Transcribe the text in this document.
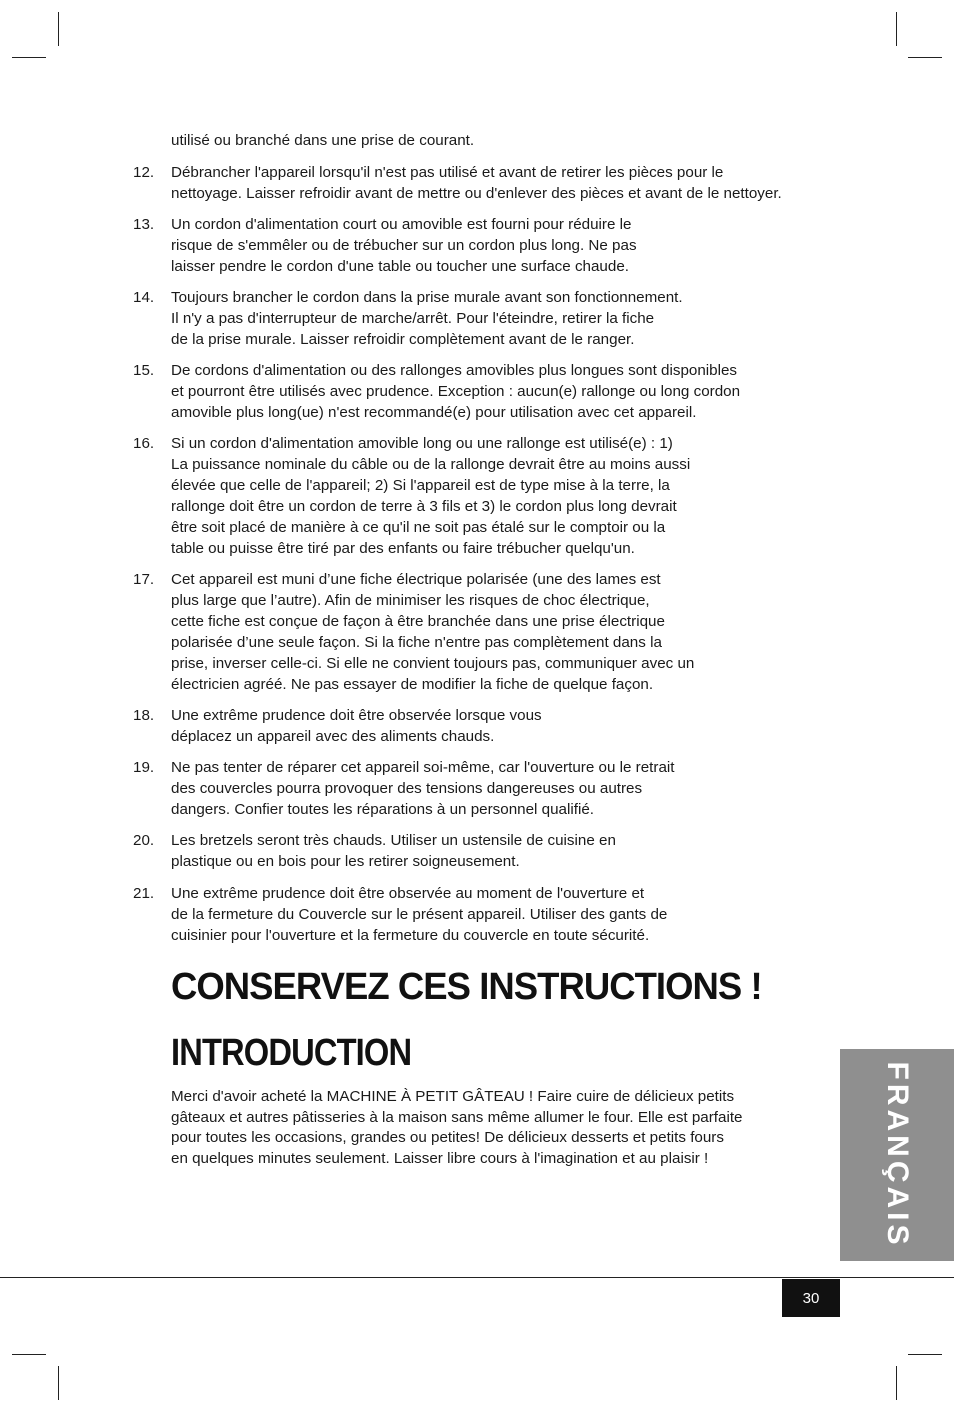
utilisé ou branché dans une prise de courant.

12.	Débrancher l'appareil lorsqu'il n'est pas utilisé et avant de retirer les pièces pour le
nettoyage. Laisser refroidir avant de mettre ou d'enlever des pièces et avant de le nettoyer.
13.	Un cordon d'alimentation court ou amovible est fourni pour réduire le
risque de s'emmêler ou de trébucher sur un cordon plus long. Ne pas
laisser pendre le cordon d'une table ou toucher une surface chaude.
14.	Toujours brancher le cordon dans la prise murale avant son fonctionnement.
Il n'y a pas d'interrupteur de marche/arrêt. Pour l'éteindre, retirer la fiche
de la prise murale. Laisser refroidir complètement avant de le ranger.
15.	De cordons d'alimentation ou des rallonges amovibles plus longues sont disponibles
et pourront être utilisés avec prudence. Exception : aucun(e) rallonge ou long cordon
amovible plus long(ue) n'est recommandé(e) pour utilisation avec cet appareil.
16.	Si un cordon d'alimentation amovible long ou une rallonge est utilisé(e) : 1)
La puissance nominale du câble ou de la rallonge devrait être au moins aussi
élevée que celle de l'appareil; 2) Si l'appareil est de type mise à la terre, la
rallonge doit être un cordon de terre à 3 fils et 3) le cordon plus long devrait
être soit placé de manière à ce qu'il ne soit pas étalé sur le comptoir ou la
table ou puisse être tiré par des enfants ou faire trébucher quelqu'un.
17.	Cet appareil est muni d’une fiche électrique polarisée (une des lames est
plus large que l’autre). Afin de minimiser les risques de choc électrique,
cette fiche est conçue de façon à être branchée dans une prise électrique
polarisée d’une seule façon. Si la fiche n'entre pas complètement dans la
prise, inverser celle-ci. Si elle ne convient toujours pas, communiquer avec un
électricien agréé. Ne pas essayer de modifier la fiche de quelque façon.
18.	Une extrême prudence doit être observée lorsque vous
déplacez un appareil avec des aliments chauds.
19.	Ne pas tenter de réparer cet appareil soi-même, car l'ouverture ou le retrait
des couvercles pourra provoquer des tensions dangereuses ou autres
dangers. Confier toutes les réparations à un personnel qualifié.
20.	Les bretzels seront très chauds. Utiliser un ustensile de cuisine en
plastique ou en bois pour les retirer soigneusement.
21.	Une extrême prudence doit être observée au moment de l'ouverture et
de la fermeture du Couvercle sur le présent appareil. Utiliser des gants de
cuisinier pour l'ouverture et la fermeture du couvercle en toute sécurité.
CONSERVEZ CES INSTRUCTIONS !
INTRODUCTION

Merci d'avoir acheté la MACHINE À PETIT GÂTEAU ! Faire cuire de délicieux petits
gâteaux et autres pâtisseries à la maison sans même allumer le four. Elle est parfaite
pour toutes les occasions, grandes ou petites! De délicieux desserts et petits fours
en quelques minutes seulement. Laisser libre cours à l'imagination et au plaisir !	FRANÇAIS
30
